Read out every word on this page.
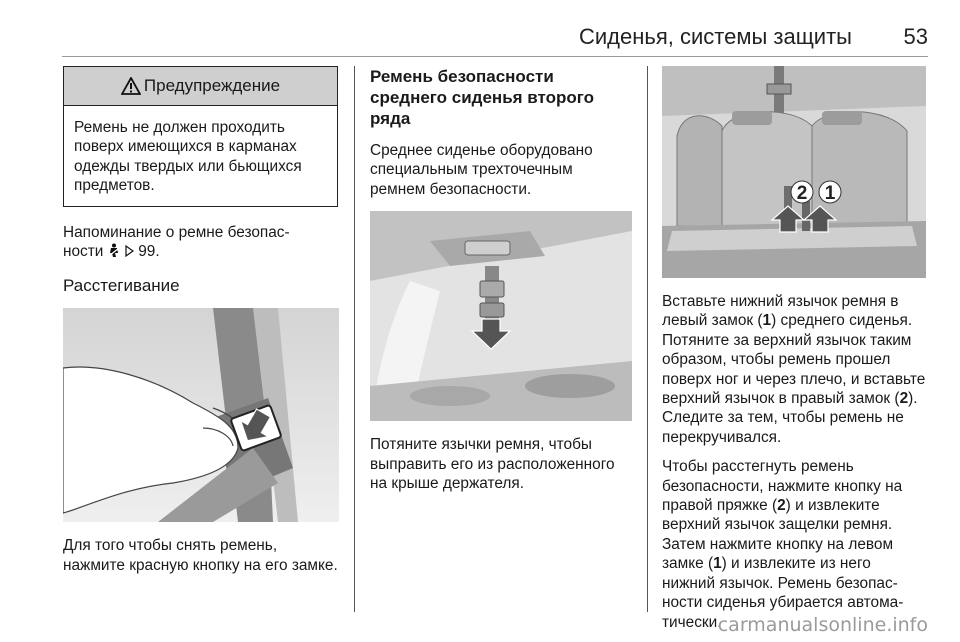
Сиденья, системы защиты 53
Предупреждение

Ремень не должен проходить поверх имеющихся в карманах одежды твердых или бьющихся предметов.

Напоминание о ремне безопас-
ности 99.

Расстегивание

Для того чтобы снять ремень, нажмите красную кнопку на его замке.

Ремень безопасности среднего сиденья второго ряда

Среднее сиденье оборудовано специальным трехточечным ремнем безопасности.

Потяните язычки ремня, чтобы выправить его из расположенного на крыше держателя.

2 1

Вставьте нижний язычок ремня в левый замок (1) среднего сиденья. Потяните за верхний язычок таким образом, чтобы ремень прошел поверх ног и через плечо, и вставьте верхний язычок в правый замок (2). Следите за тем, чтобы ремень не перекручивался.

Чтобы расстегнуть ремень безопасности, нажмите кнопку на правой пряжке (2) и извлеките верхний язычок защелки ремня. Затем нажмите кнопку на левом замке (1) и извлеките из него нижний язычок. Ремень безопас-ности сиденья убирается автома-тически.

carmanualsonline.info
